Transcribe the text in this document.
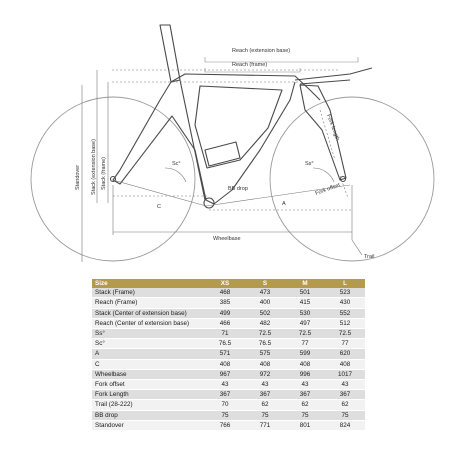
Reach (extension base)
Reach (frame)
Stack (extension base) Stack (frame)
Standover
Fork length
Fork offset
Sc°	Ss°
BB drop
C	A
Wheelbase
Trail
Size	XS	S	M	L
Stack (Frame)	468	473	501	523
Reach (Frame)	385	400	415	430
Stack (Center of extension base)	499	502	530	552
Reach (Center of extension base)	466	482	497	512
Ss°	71	72.5	72.5	72.5
Sc°	76.5	76.5	77	77
A	571	575	599	620
C	408	408	408	408
Wheelbase	967	972	996	1017
Fork offset	43	43	43	43
Fork Length	367	367	367	367
Trail (28-222)	70	62	62	62
BB drop	75	75	75	75
Standover	766	771	801	824
